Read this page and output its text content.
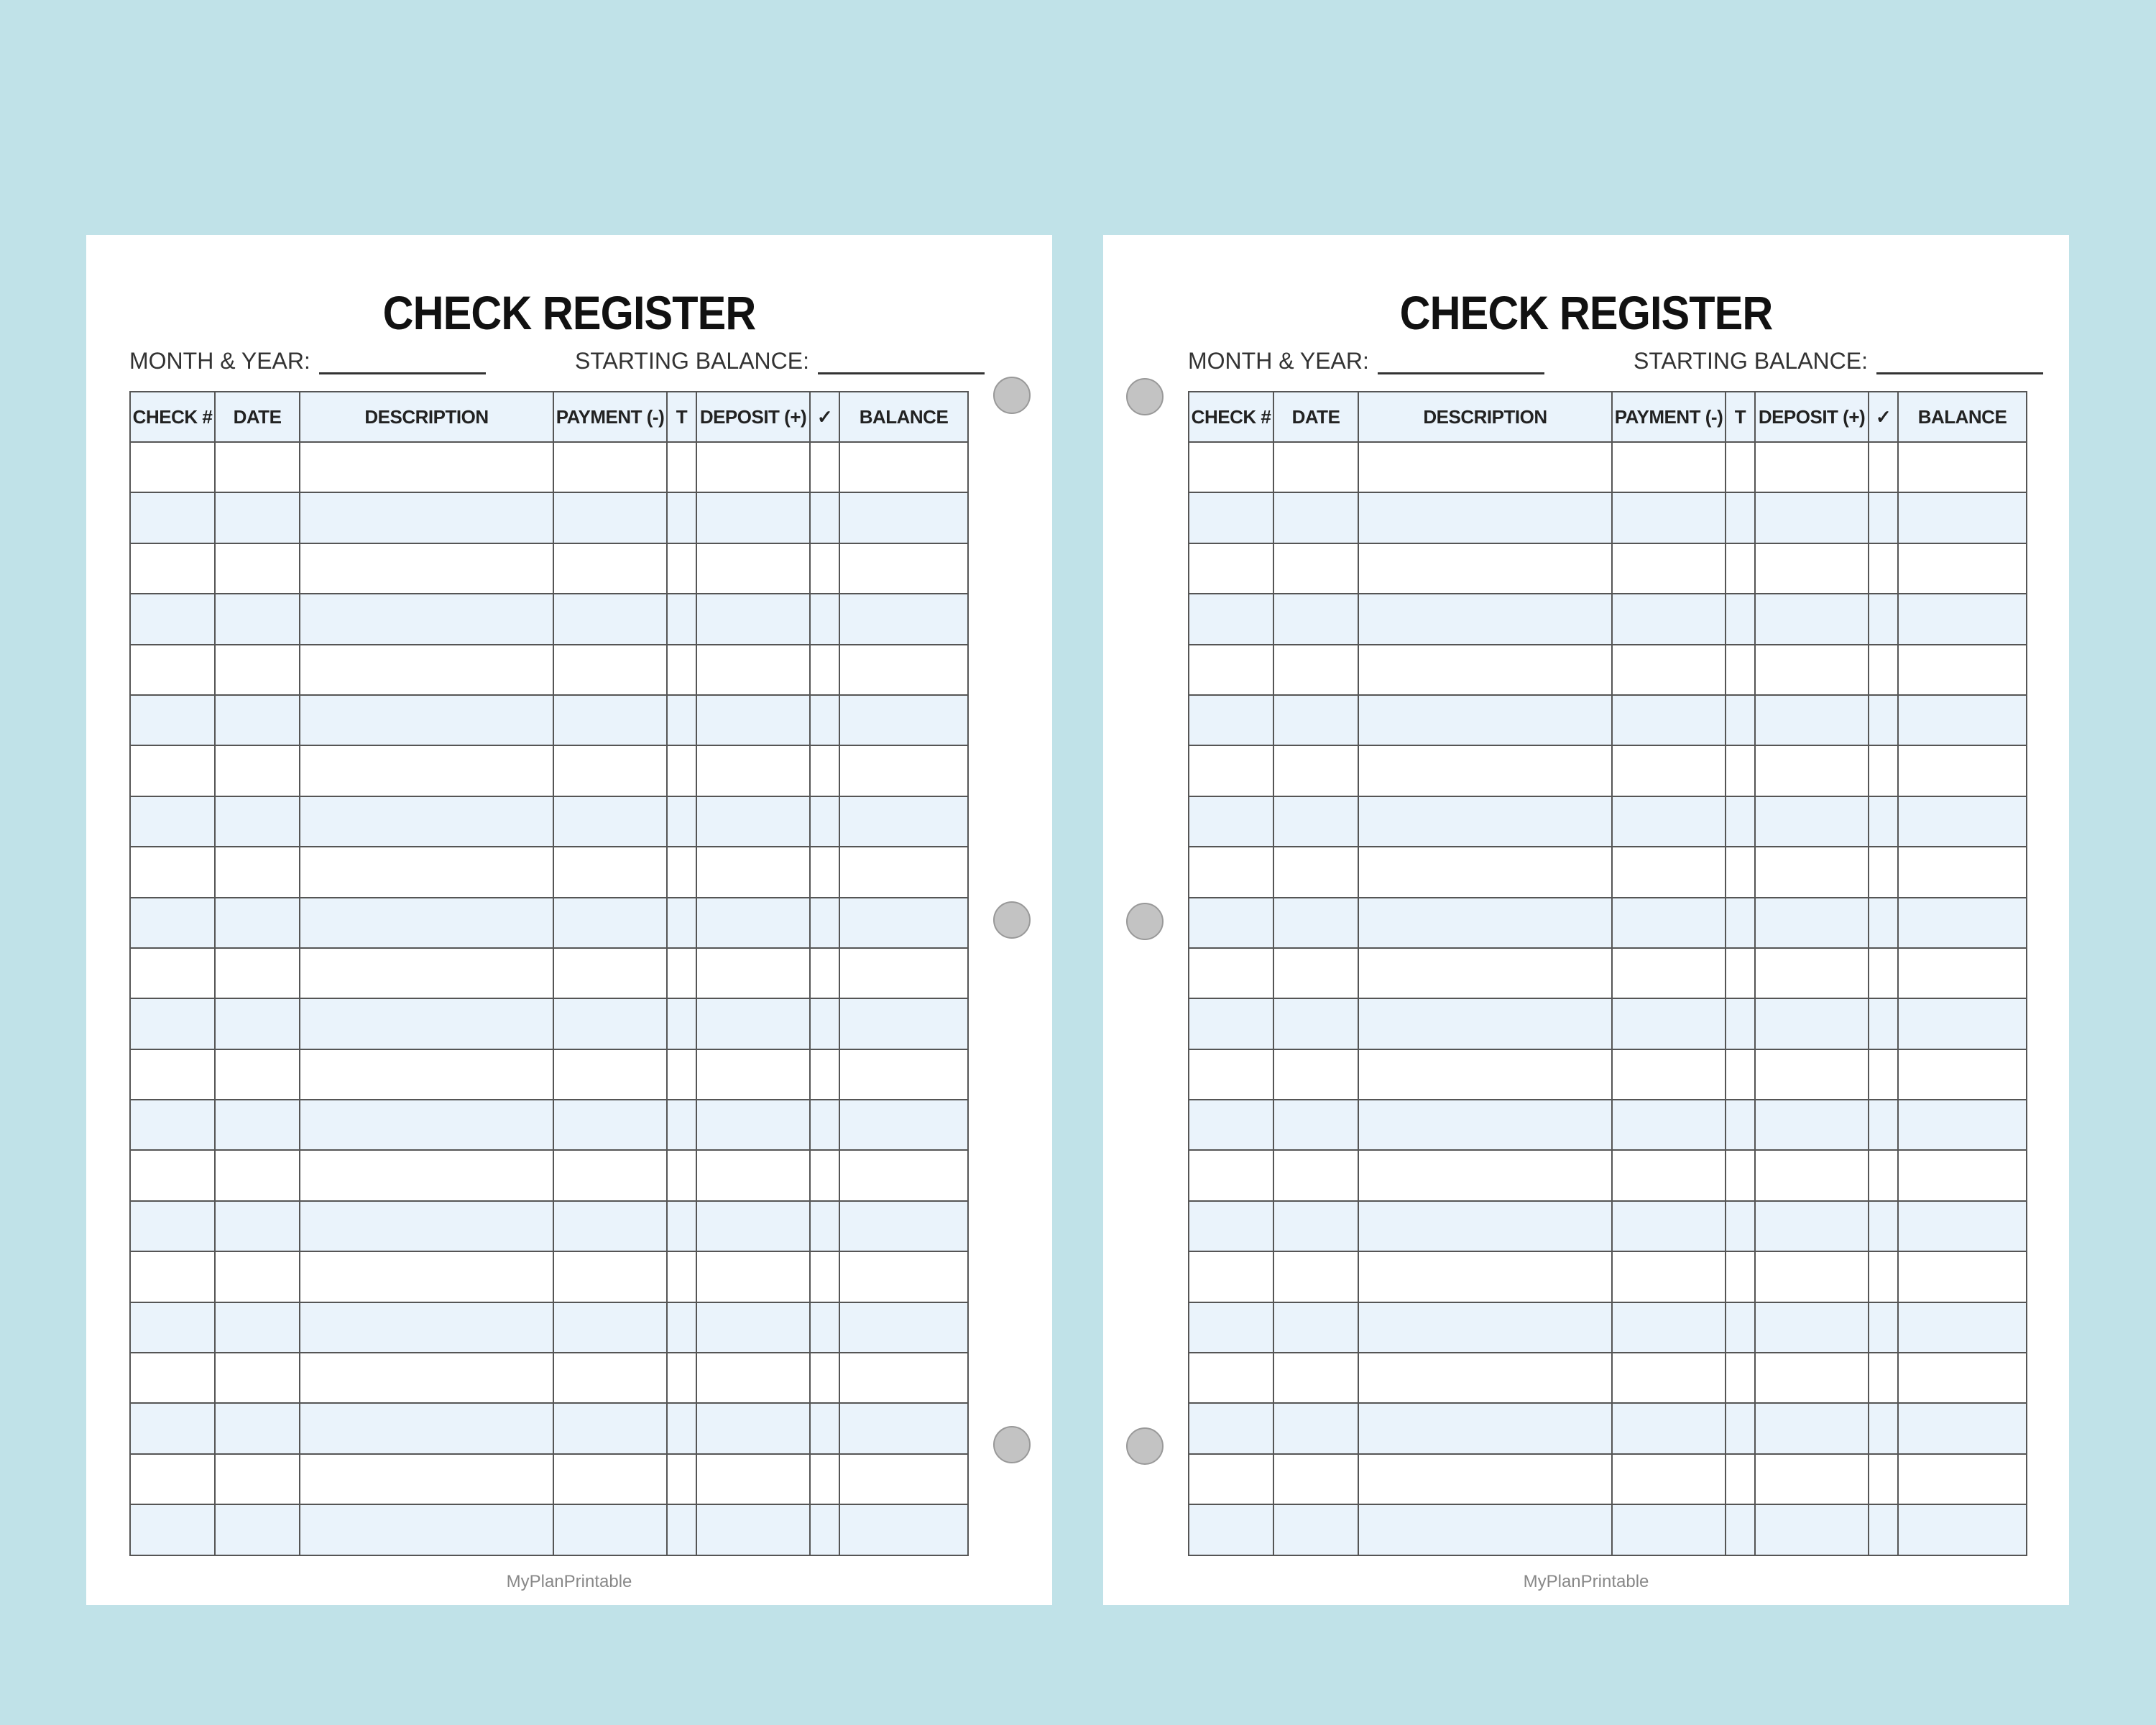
CHECK REGISTER
MONTH & YEAR:	STARTING BALANCE:
CHECK #	DATE	DESCRIPTION	PAYMENT (-)	T	DEPOSIT (+)	✓	BALANCE

MyPlanPrintable
CHECK REGISTER
MONTH & YEAR:	STARTING BALANCE:
CHECK #	DATE	DESCRIPTION	PAYMENT (-)	T	DEPOSIT (+)	✓	BALANCE

MyPlanPrintable
